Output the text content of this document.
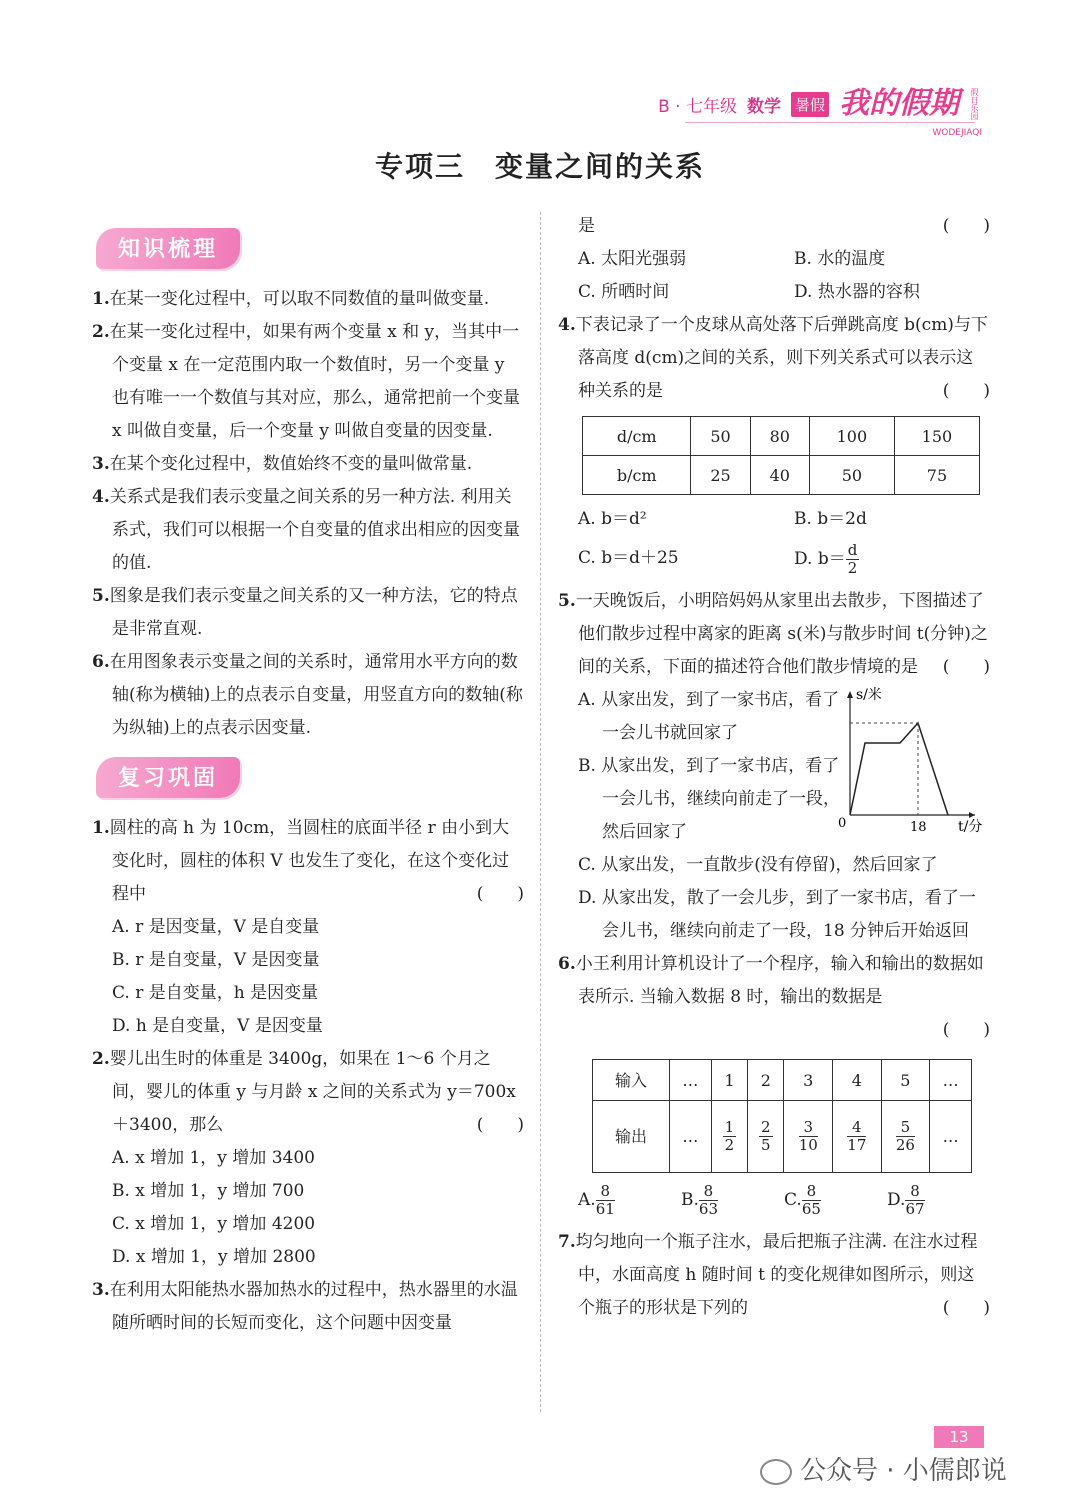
B · 七年级 数学 暑假 我的假期 假日乐园
WODEJIAQI
专项三　变量之间的关系
知识梳理
1.在某一变化过程中，可以取不同数值的量叫做变量.
2.在某一变化过程中，如果有两个变量 x 和 y，当其中一个变量 x 在一定范围内取一个数值时，另一个变量 y 也有唯一一个数值与其对应，那么，通常把前一个变量 x 叫做自变量，后一个变量 y 叫做自变量的因变量.
3.在某个变化过程中，数值始终不变的量叫做常量.
4.关系式是我们表示变量之间关系的另一种方法. 利用关系式，我们可以根据一个自变量的值求出相应的因变量的值.
5.图象是我们表示变量之间关系的又一种方法，它的特点是非常直观.
6.在用图象表示变量之间的关系时，通常用水平方向的数轴(称为横轴)上的点表示自变量，用竖直方向的数轴(称为纵轴)上的点表示因变量.
复习巩固
1.圆柱的高 h 为 10cm，当圆柱的底面半径 r 由小到大变化时，圆柱的体积 V 也发生了变化，在这个变化过程中	(　　)
A. r 是因变量，V 是自变量
B. r 是自变量，V 是因变量
C. r 是自变量，h 是因变量
D. h 是自变量，V 是因变量
2.婴儿出生时的体重是 3400g，如果在 1～6 个月之间，婴儿的体重 y 与月龄 x 之间的关系式为 y＝700x＋3400，那么	(　　)
A. x 增加 1，y 增加 3400
B. x 增加 1，y 增加 700
C. x 增加 1，y 增加 4200
D. x 增加 1，y 增加 2800
3.在利用太阳能热水器加热水的过程中，热水器里的水温随所晒时间的长短而变化，这个问题中因变量
是	(　　)
A. 太阳光强弱	B. 水的温度
C. 所晒时间	D. 热水器的容积
4.下表记录了一个皮球从高处落下后弹跳高度 b(cm)与下落高度 d(cm)之间的关系，则下列关系式可以表示这种关系的是	(　　)
d/cm	50	80	100	150
b/cm	25	40	50	75
A. b＝d²	B. b＝2d
C. b＝d＋25	D. $b= \frac{d}{2}$
5.一天晚饭后，小明陪妈妈从家里出去散步，下图描述了他们散步过程中离家的距离 s(米)与散步时间 t(分钟)之间的关系，下面的描述符合他们散步情境的是 (　　)
A. 从家出发，到了一家书店，看了一会儿书就回家了
B. 从家出发，到了一家书店，看了一会儿书，继续向前走了一段，然后回家了
C. 从家出发，一直散步(没有停留)，然后回家了
D. 从家出发，散了一会儿步，到了一家书店，看了一会儿书，继续向前走了一段，18 分钟后开始返回
s/米
t/分
0	18
6.小王利用计算机设计了一个程序，输入和输出的数据如表所示. 当输入数据 8 时，输出的数据是
(　　)
输入	…	1	2	3	4	5	…
输出	…	$\frac{1}{2}$	$\frac{2}{5}$	$\frac{3}{10}$	$\frac{4}{17}$	$\frac{5}{26}$	…
A. $\frac{8}{61}$	B. $\frac{8}{63}$	C. $\frac{8}{65}$	D. $\frac{8}{67}$
7.均匀地向一个瓶子注水，最后把瓶子注满. 在注水过程中，水面高度 h 随时间 t 的变化规律如图所示，则这个瓶子的形状是下列的	(　　)
13
公众号 · 小儒郎说
